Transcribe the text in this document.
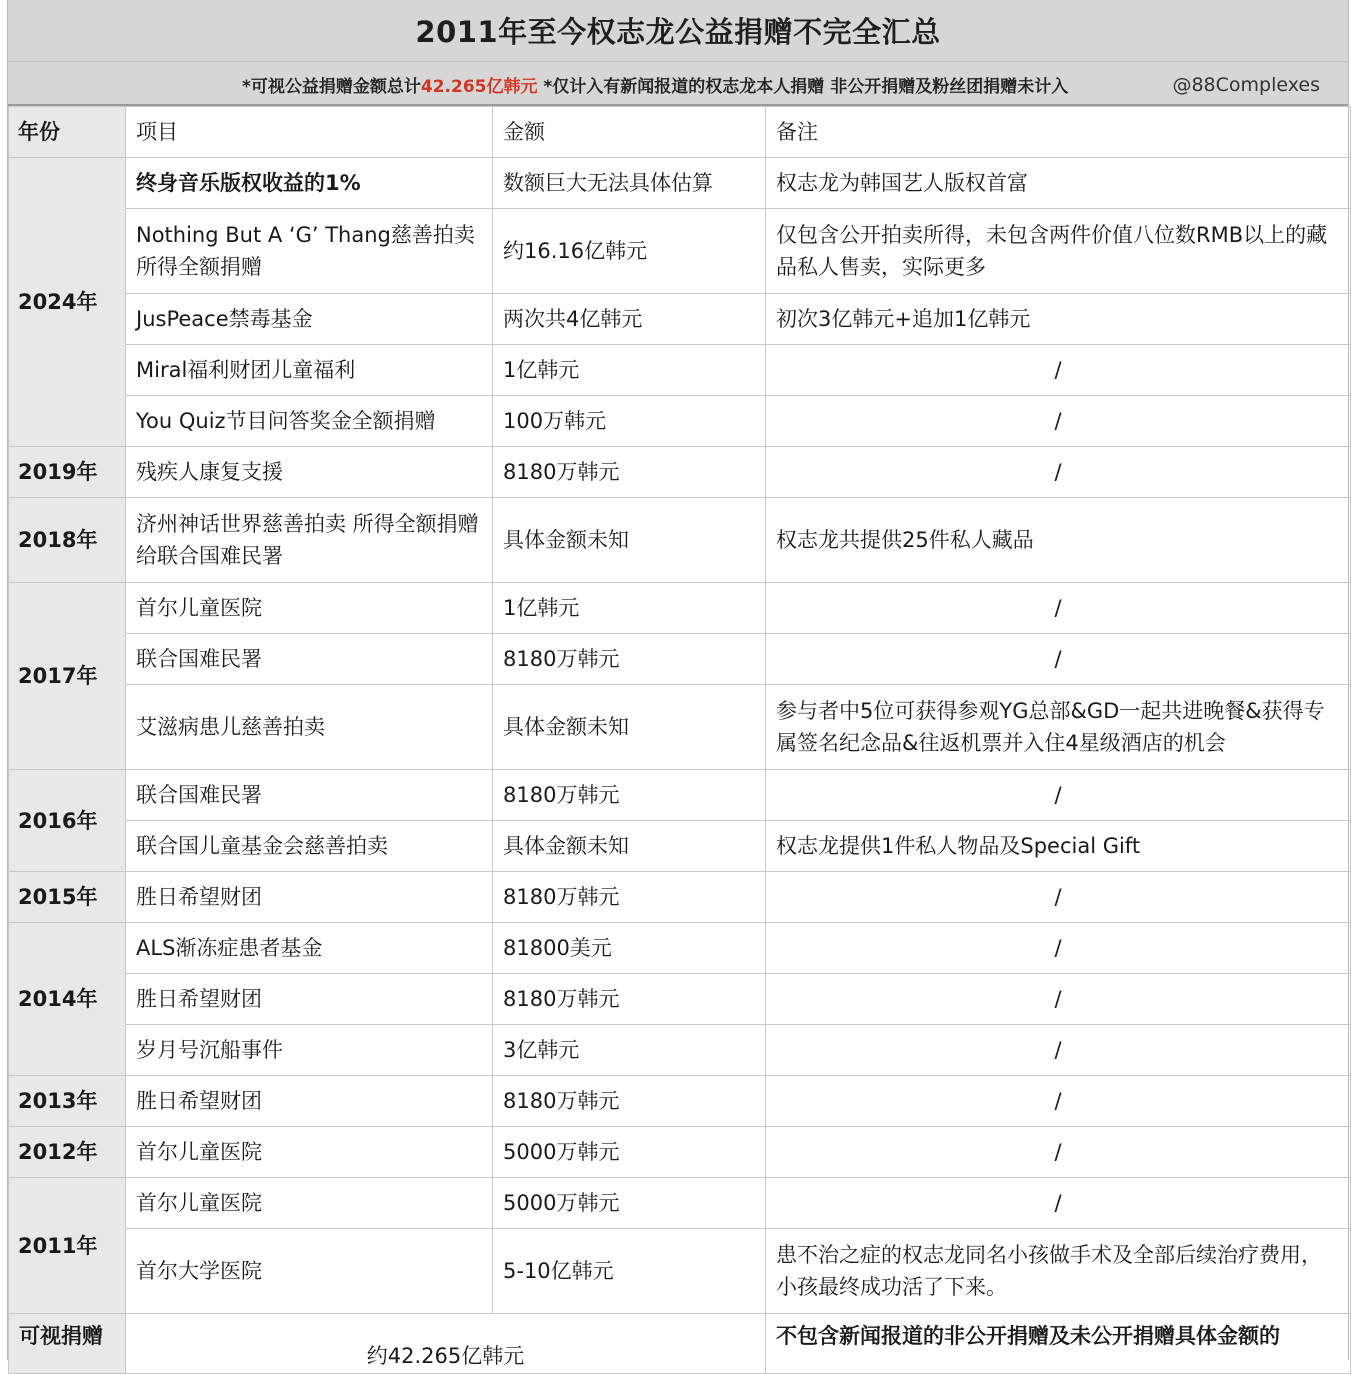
2011年至今权志龙公益捐赠不完全汇总
*可视公益捐赠金额总计42.265亿韩元 *仅计入有新闻报道的权志龙本人捐赠 非公开捐赠及粉丝团捐赠未计入	@88Complexes
年份	项目	金额	备注
2024年	终身音乐版权收益的1%	数额巨大无法具体估算	权志龙为韩国艺人版权首富
	Nothing But A ‘G’ Thang慈善拍卖所得全额捐赠	约16.16亿韩元	仅包含公开拍卖所得，未包含两件价值八位数RMB以上的藏品私人售卖，实际更多
	JusPeace禁毒基金	两次共4亿韩元	初次3亿韩元+追加1亿韩元
	Miral福利财团儿童福利	1亿韩元	/
	You Quiz节目问答奖金全额捐赠	100万韩元	/
2019年	残疾人康复支援	8180万韩元	/
2018年	济州神话世界慈善拍卖 所得全额捐赠给联合国难民署	具体金额未知	权志龙共提供25件私人藏品
2017年	首尔儿童医院	1亿韩元	/
	联合国难民署	8180万韩元	/
	艾滋病患儿慈善拍卖	具体金额未知	参与者中5位可获得参观YG总部&GD一起共进晚餐&获得专属签名纪念品&往返机票并入住4星级酒店的机会
2016年	联合国难民署	8180万韩元	/
	联合国儿童基金会慈善拍卖	具体金额未知	权志龙提供1件私人物品及Special Gift
2015年	胜日希望财团	8180万韩元	/
2014年	ALS渐冻症患者基金	81800美元	/
	胜日希望财团	8180万韩元	/
	岁月号沉船事件	3亿韩元	/
2013年	胜日希望财团	8180万韩元	/
2012年	首尔儿童医院	5000万韩元	/
2011年	首尔儿童医院	5000万韩元	/
	首尔大学医院	5-10亿韩元	患不治之症的权志龙同名小孩做手术及全部后续治疗费用，小孩最终成功活了下来。
可视捐赠	约42.265亿韩元		不包含新闻报道的非公开捐赠及未公开捐赠具体金额的
